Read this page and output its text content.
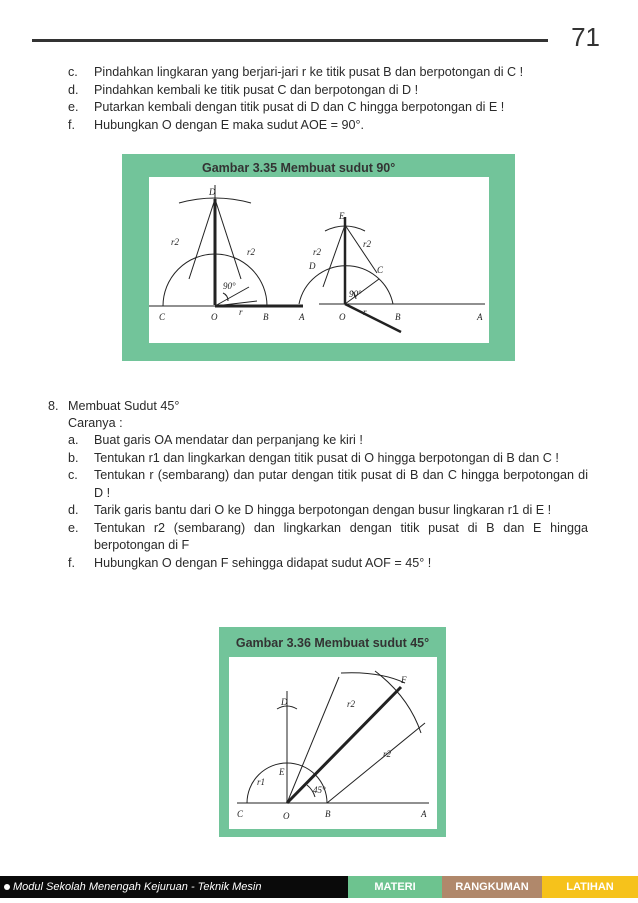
71
c. Pindahkan lingkaran yang berjari-jari r ke titik pusat B dan berpotongan di C !
d. Pindahkan kembali ke titik pusat C dan berpotongan di D !
e. Putarkan kembali dengan titik pusat di D dan C hingga berpotongan di E !
f. Hubungkan O dengan E maka sudut AOE = 90°.
Gambar 3.35 Membuat sudut 90°
D
r2
r2
90°
C	O r B	A
E
r2
r2
D	C
90°
O r	B	A
8. Membuat Sudut 45°
Caranya :
a. Buat garis OA mendatar dan perpanjang ke kiri !
b. Tentukan r1 dan lingkarkan dengan titik pusat di O hingga berpotongan di B dan C !
c. Tentukan r (sembarang) dan putar dengan titik pusat di B dan C hingga berpotongan di D !
d. Tarik garis bantu dari O ke D hingga berpotongan dengan busur lingkaran r1 di E !
e. Tentukan r2 (sembarang) dan lingkarkan dengan titik pusat di B dan E hingga berpotongan di F
f. Hubungkan O dengan F sehingga didapat sudut AOF = 45° !
Gambar 3.36 Membuat sudut 45°
D
E
F
r1
r2
r2
45°
C	O	B	A
Modul Sekolah Menengah Kejuruan - Teknik Mesin	MATERI	RANGKUMAN	LATIHAN
